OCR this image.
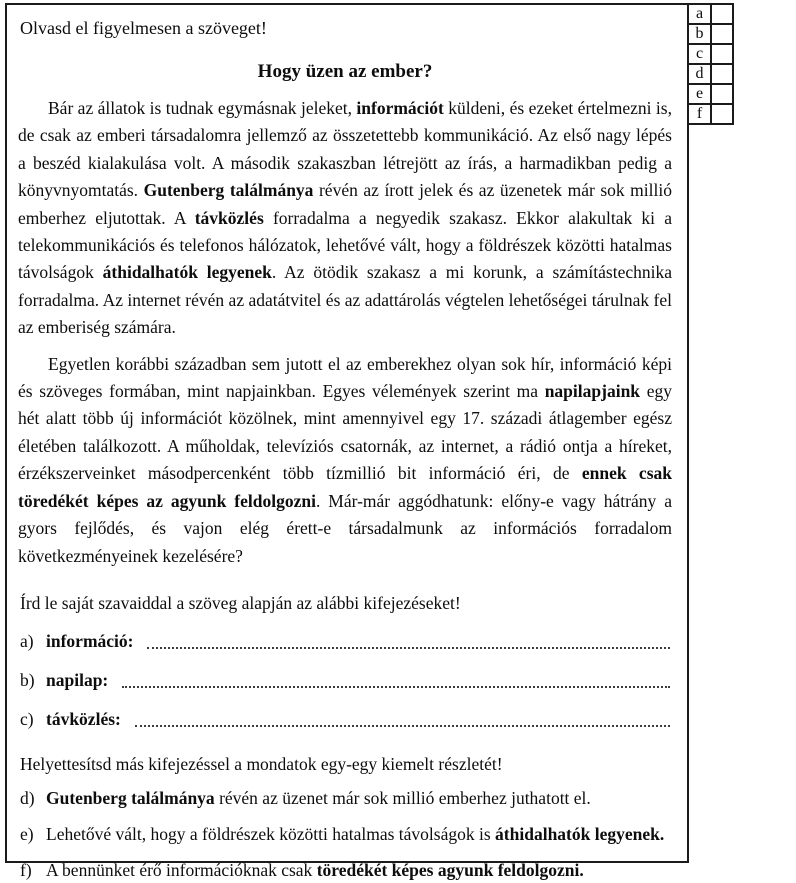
Olvasd el figyelmesen a szöveget!

Hogy üzen az ember?

Bár az állatok is tudnak egymásnak jeleket, információt küldeni, és ezeket értelmezni is, de csak az emberi társadalomra jellemző az összetettebb kommunikáció. Az első nagy lépés a beszéd kialakulása volt. A második szakaszban létrejött az írás, a harmadikban pedig a könyvnyomtatás. Gutenberg találmánya révén az írott jelek és az üzenetek már sok millió emberhez eljutottak. A távközlés forradalma a negyedik szakasz. Ekkor alakultak ki a telekommunikációs és telefonos hálózatok, lehetővé vált, hogy a földrészek közötti hatalmas távolságok áthidalhatók legyenek. Az ötödik szakasz a mi korunk, a számítástechnika forradalma. Az internet révén az adatátvitel és az adattárolás végtelen lehetőségei tárulnak fel az emberiség számára.

Egyetlen korábbi században sem jutott el az emberekhez olyan sok hír, információ képi és szöveges formában, mint napjainkban. Egyes vélemények szerint ma napilapjaink egy hét alatt több új információt közölnek, mint amennyivel egy 17. századi átlagember egész életében találkozott. A műholdak, televíziós csatornák, az internet, a rádió ontja a híreket, érzékszerveinket másodpercenként több tízmillió bit információ éri, de ennek csak töredékét képes az agyunk feldolgozni. Már-már aggódhatunk: előny-e vagy hátrány a gyors fejlődés, és vajon elég érett-e társadalmunk az információs forradalom következményeinek kezelésére?

Írd le saját szavaiddal a szöveg alapján az alábbi kifejezéseket!

a) információ:
b) napilap:
c) távközlés:

Helyettesítsd más kifejezéssel a mondatok egy-egy kiemelt részletét!

d) Gutenberg találmánya révén az üzenet már sok millió emberhez juthatott el.
e) Lehetővé vált, hogy a földrészek közötti hatalmas távolságok is áthidalhatók legyenek.
f) A bennünket érő információknak csak töredékét képes agyunk feldolgozni.
a	
b	
c	
d	
e	
f	
